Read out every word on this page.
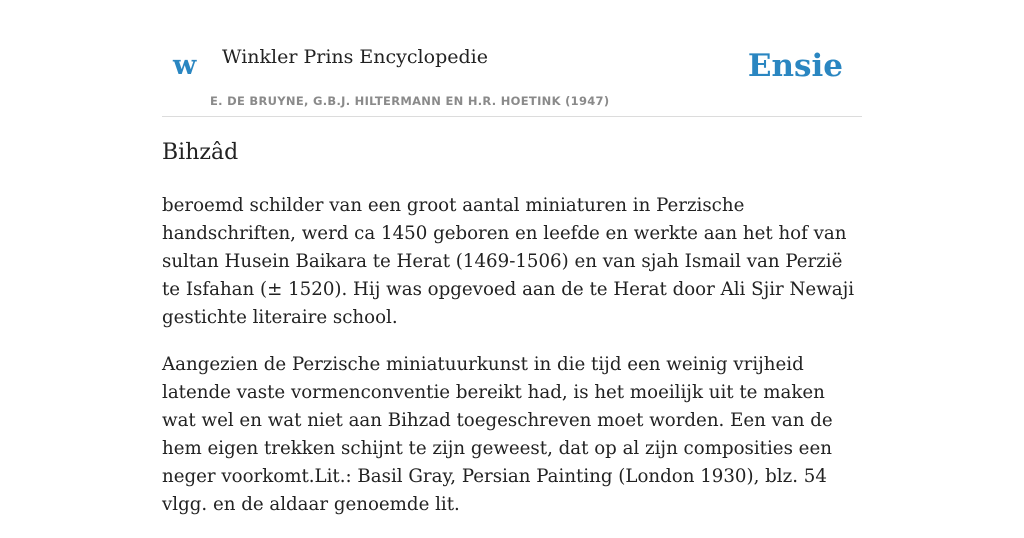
w Winkler Prins Encyclopedie
E. DE BRUYNE, G.B.J. HILTERMANN EN H.R. HOETINK (1947)
Ensie
Bihzâd

beroemd schilder van een groot aantal miniaturen in Perzische handschriften, werd ca 1450 geboren en leefde en werkte aan het hof van sultan Husein Baikara te Herat (1469-1506) en van sjah Ismail van Perzië te Isfahan (± 1520). Hij was opgevoed aan de te Herat door Ali Sjir Newaji gestichte literaire school.

Aangezien de Perzische miniatuurkunst in die tijd een weinig vrijheid latende vaste vormenconventie bereikt had, is het moeilijk uit te maken wat wel en wat niet aan Bihzad toegeschreven moet worden. Een van de hem eigen trekken schijnt te zijn geweest, dat op al zijn composities een neger voorkomt.Lit.: Basil Gray, Persian Painting (London 1930), blz. 54 vlgg. en de aldaar genoemde lit.
